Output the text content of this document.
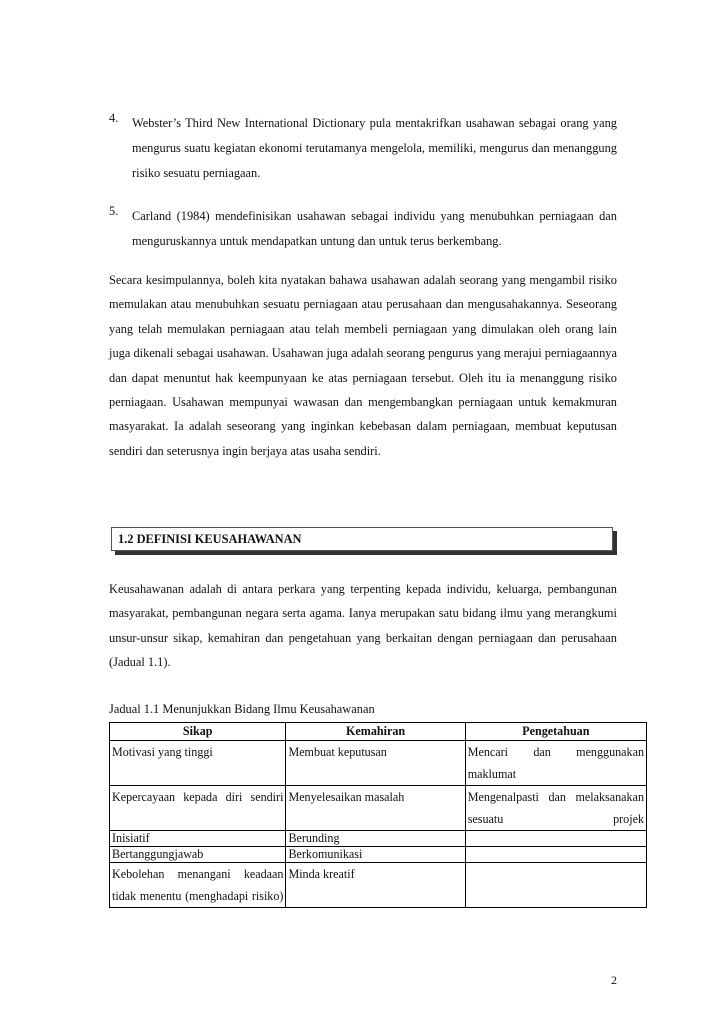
4. Webster’s Third New International Dictionary pula mentakrifkan usahawan sebagai orang yang mengurus suatu kegiatan ekonomi terutamanya mengelola, memiliki, mengurus dan menanggung risiko sesuatu perniagaan.
5. Carland (1984) mendefinisikan usahawan sebagai individu yang menubuhkan perniagaan dan menguruskannya untuk mendapatkan untung dan untuk terus berkembang.
Secara kesimpulannya, boleh kita nyatakan bahawa usahawan adalah seorang yang mengambil risiko memulakan atau menubuhkan sesuatu perniagaan atau perusahaan dan mengusahakannya. Seseorang yang telah memulakan perniagaan atau telah membeli perniagaan yang dimulakan oleh orang lain juga dikenali sebagai usahawan. Usahawan juga adalah seorang pengurus yang merajui perniagaannya dan dapat menuntut hak keempunyaan ke atas perniagaan tersebut. Oleh itu ia menanggung risiko perniagaan. Usahawan mempunyai wawasan dan mengembangkan perniagaan untuk kemakmuran masyarakat. Ia adalah seseorang yang inginkan kebebasan dalam perniagaan, membuat keputusan sendiri dan seterusnya ingin berjaya atas usaha sendiri.
1.2 DEFINISI KEUSAHAWANAN
Keusahawanan adalah di antara perkara yang terpenting kepada individu, keluarga, pembangunan masyarakat, pembangunan negara serta agama. Ianya merupakan satu bidang ilmu yang merangkumi unsur-unsur sikap, kemahiran dan pengetahuan yang berkaitan dengan perniagaan dan perusahaan (Jadual 1.1).
Jadual 1.1 Menunjukkan Bidang Ilmu Keusahawanan
Sikap	Kemahiran	Pengetahuan
Motivasi yang tinggi	Membuat keputusan	Mencari dan menggunakan maklumat
Kepercayaan kepada diri sendiri	Menyelesaikan masalah	Mengenalpasti dan melaksanakan sesuatu projek
Inisiatif	Berunding	
Bertanggungjawab	Berkomunikasi	
Kebolehan menangani keadaan tidak menentu (menghadapi risiko)	Minda kreatif	
2
